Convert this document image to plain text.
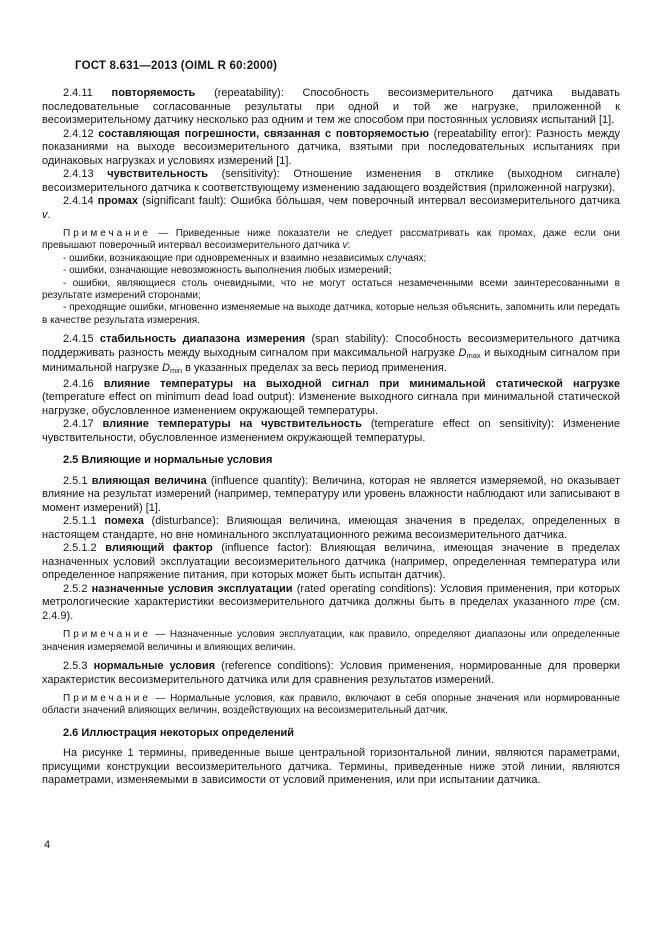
ГОСТ 8.631—2013 (OIML R 60:2000)

2.4.11 повторяемость (repeatability): Способность весоизмерительного датчика выдавать последовательные согласованные результаты при одной и той же нагрузке, приложенной к весоизмерительному датчику несколько раз одним и тем же способом при постоянных условиях испытаний [1].

2.4.12 составляющая погрешности, связанная с повторяемостью (repeatability error): Разность между показаниями на выходе весоизмерительного датчика, взятыми при последовательных испытаниях при одинаковых нагрузках и условиях измерений [1].

2.4.13 чувствительность (sensitivity): Отношение изменения в отклике (выходном сигнале) весоизмерительного датчика к соответствующему изменению задающего воздействия (приложенной нагрузки).

2.4.14 промах (significant fault): Ошибка бо́льшая, чем поверочный интервал весоизмерительного датчика v.

Примечание — Приведенные ниже показатели не следует рассматривать как промах, даже если они превышают поверочный интервал весоизмерительного датчика v:

- ошибки, возникающие при одновременных и взаимно независимых случаях;

- ошибки, означающие невозможность выполнения любых измерений;

- ошибки, являющиеся столь очевидными, что не могут остаться незамеченными всеми заинтересованными в результате измерений сторонами;

- преходящие ошибки, мгновенно изменяемые на выходе датчика, которые нельзя объяснить, запомнить или передать в качестве результата измерения.

2.4.15 стабильность диапазона измерения (span stability): Способность весоизмерительного датчика поддерживать разность между выходным сигналом при максимальной нагрузке $D_{max}$ и выходным сигналом при минимальной нагрузке $D_{min}$ в указанных пределах за весь период применения.

2.4.16 влияние температуры на выходной сигнал при минимальной статической нагрузке (temperature effect on minimum dead load output): Изменение выходного сигнала при минимальной статической нагрузке, обусловленное изменением окружающей температуры.

2.4.17 влияние температуры на чувствительность (temperature effect on sensitivity): Изменение чувствительности, обусловленное изменением окружающей температуры.

2.5 Влияющие и нормальные условия

2.5.1 влияющая величина (influence quantity): Величина, которая не является измеряемой, но оказывает влияние на результат измерений (например, температуру или уровень влажности наблюдают или записывают в момент измерений) [1].

2.5.1.1 помеха (disturbance): Влияющая величина, имеющая значения в пределах, определенных в настоящем стандарте, но вне номинального эксплуатационного режима весоизмерительного датчика.

2.5.1.2 влияющий фактор (influence factor): Влияющая величина, имеющая значение в пределах назначенных условий эксплуатации весоизмерительного датчика (например, определенная температура или определенное напряжение питания, при которых может быть испытан датчик).

2.5.2 назначенные условия эксплуатации (rated operating conditions): Условия применения, при которых метрологические характеристики весоизмерительного датчика должны быть в пределах указанного mpe (см. 2.4.9).

Примечание — Назначенные условия эксплуатации, как правило, определяют диапазоны или определенные значения измеряемой величины и влияющих величин.

2.5.3 нормальные условия (reference conditions): Условия применения, нормированные для проверки характеристик весоизмерительного датчика или для сравнения результатов измерений.

Примечание — Нормальные условия, как правило, включают в себя опорные значения или нормированные области значений влияющих величин, воздействующих на весоизмерительный датчик.

2.6 Иллюстрация некоторых определений

На рисунке 1 термины, приведенные выше центральной горизонтальной линии, являются параметрами, присущими конструкции весоизмерительного датчика. Термины, приведенные ниже этой линии, являются параметрами, изменяемыми в зависимости от условий применения, или при испытании датчика.

4
